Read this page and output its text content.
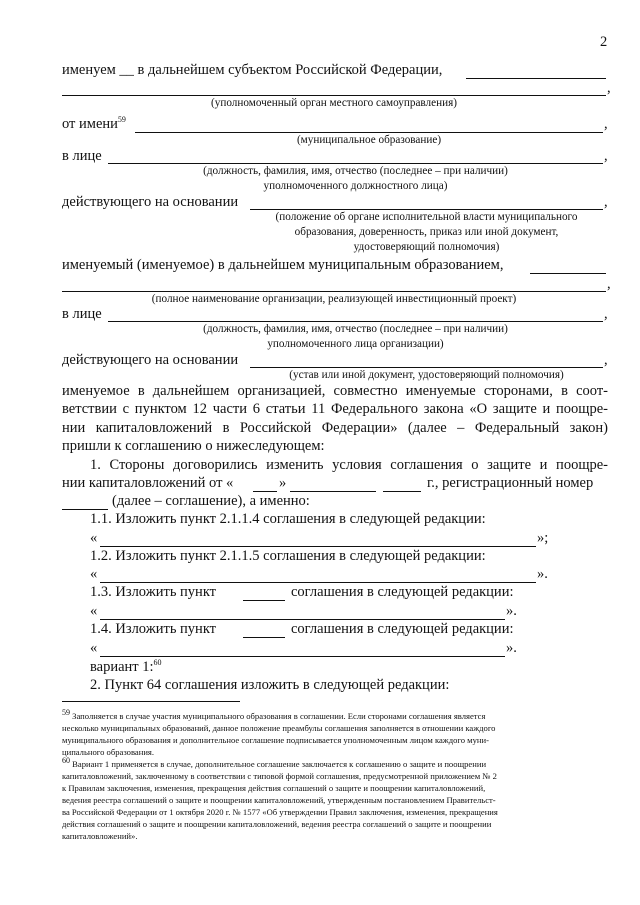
2
именуем __ в дальнейшем субъектом Российской Федерации,
,
(уполномоченный орган местного самоуправления)
от имени$^{59}$	,
(муниципальное образование)
в лице	,
(должность, фамилия, имя, отчество (последнее – при наличии)
уполномоченного должностного лица)
действующего на основании	,
(положение об органе исполнительной власти муниципального
образования, доверенность, приказ или иной документ,
удостоверяющий полномочия)
именуемый (именуемое) в дальнейшем муниципальным образованием,
,
(полное наименование организации, реализующей инвестиционный проект)
в лице	,
(должность, фамилия, имя, отчество (последнее – при наличии)
уполномоченного лица организации)
действующего на основании	,
(устав или иной документ, удостоверяющий полномочия)
именуемое в дальнейшем организацией, совместно именуемые сторонами, в соот-
ветствии с пунктом 12 части 6 статьи 11 Федерального закона «О защите и поощре-
нии капиталовложений в Российской Федерации» (далее – Федеральный закон)
пришли к соглашению о нижеследующем:
1. Стороны договорились изменить условия соглашения о защите и поощре-
нии капиталовложений от «	»	г., регистрационный номер
(далее – соглашение), а именно:
1.1. Изложить пункт 2.1.1.4 соглашения в следующей редакции:
«	»;
1.2. Изложить пункт 2.1.1.5 соглашения в следующей редакции:
«	».
1.3. Изложить пункт	соглашения в следующей редакции:
«	».
1.4. Изложить пункт	соглашения в следующей редакции:
«	».
вариант 1:$^{60}$
2. Пункт 64 соглашения изложить в следующей редакции:
$^{59}$ Заполняется в случае участия муниципального образования в соглашении. Если сторонами соглашения является
несколько муниципальных образований, данное положение преамбулы соглашения заполняется в отношении каждого
муниципального образования и дополнительное соглашение подписывается уполномоченным лицом каждого муни-
ципального образования.
$^{60}$ Вариант 1 применяется в случае, дополнительное соглашение заключается к соглашению о защите и поощрении
капиталовложений, заключенному в соответствии с типовой формой соглашения, предусмотренной приложением № 2
к Правилам заключения, изменения, прекращения действия соглашений о защите и поощрении капиталовложений,
ведения реестра соглашений о защите и поощрении капиталовложений, утвержденным постановлением Правительст-
ва Российской Федерации от 1 октября 2020 г. № 1577 «Об утверждении Правил заключения, изменения, прекращения
действия соглашений о защите и поощрении капиталовложений, ведения реестра соглашений о защите и поощрении
капиталовложений».
